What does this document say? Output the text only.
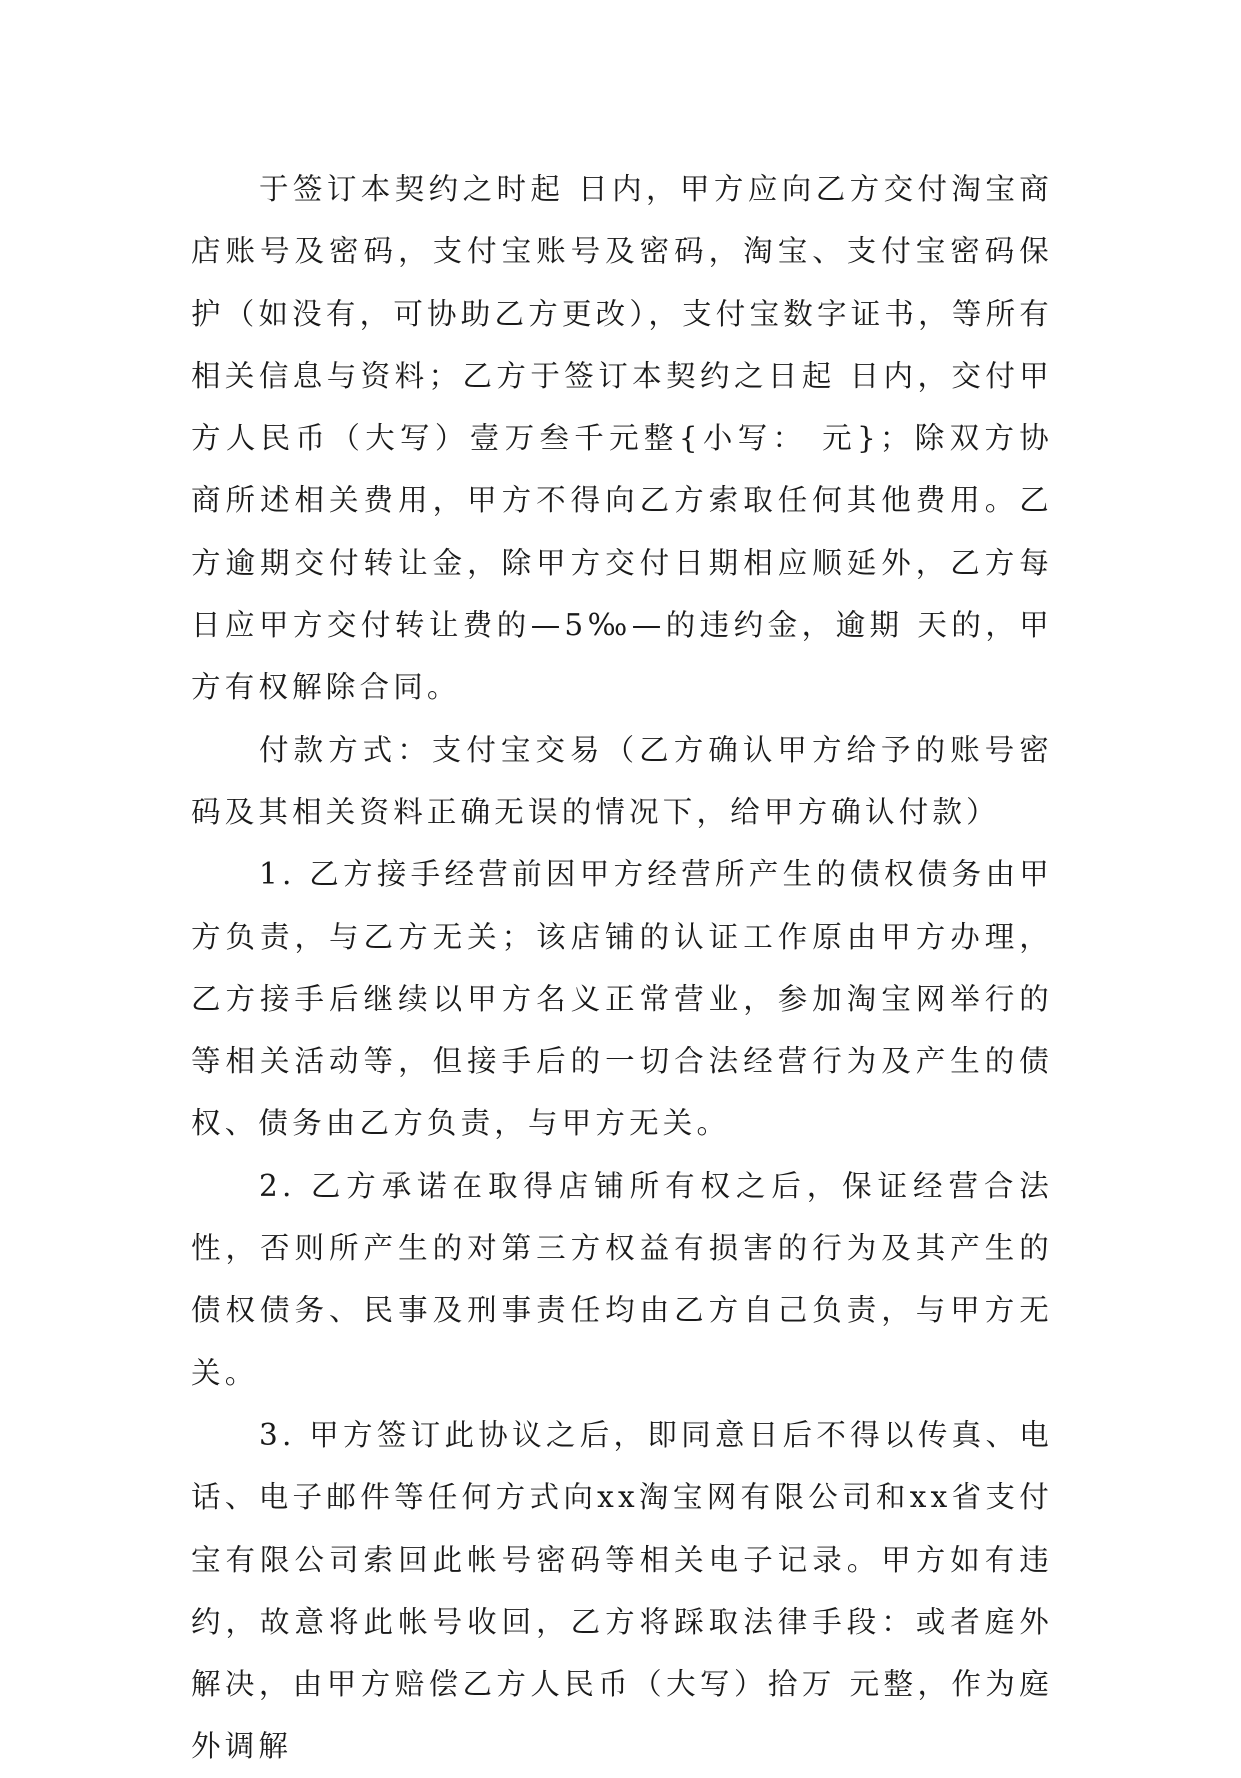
于签订本契约之时起 日内，甲方应向乙方交付淘宝商店账号及密码，支付宝账号及密码，淘宝、支付宝密码保护（如没有，可协助乙方更改），支付宝数字证书，等所有相关信息与资料；乙方于签订本契约之日起 日内，交付甲方人民币（大写）壹万叁千元整{小写： 元}；除双方协商所述相关费用，甲方不得向乙方索取任何其他费用。乙方逾期交付转让金，除甲方交付日期相应顺延外，乙方每日应甲方交付转让费的—5‰—的违约金，逾期 天的，甲方有权解除合同。

付款方式：支付宝交易（乙方确认甲方给予的账号密码及其相关资料正确无误的情况下，给甲方确认付款）

1. 乙方接手经营前因甲方经营所产生的债权债务由甲方负责，与乙方无关；该店铺的认证工作原由甲方办理，乙方接手后继续以甲方名义正常营业，参加淘宝网举行的等相关活动等，但接手后的一切合法经营行为及产生的债权、债务由乙方负责，与甲方无关。

2. 乙方承诺在取得店铺所有权之后，保证经营合法性，否则所产生的对第三方权益有损害的行为及其产生的债权债务、民事及刑事责任均由乙方自己负责，与甲方无关。

3. 甲方签订此协议之后，即同意日后不得以传真、电话、电子邮件等任何方式向xx淘宝网有限公司和xx省支付宝有限公司索回此帐号密码等相关电子记录。甲方如有违约，故意将此帐号收回，乙方将踩取法律手段：或者庭外解决，由甲方赔偿乙方人民币（大写）拾万 元整，作为庭外调解
